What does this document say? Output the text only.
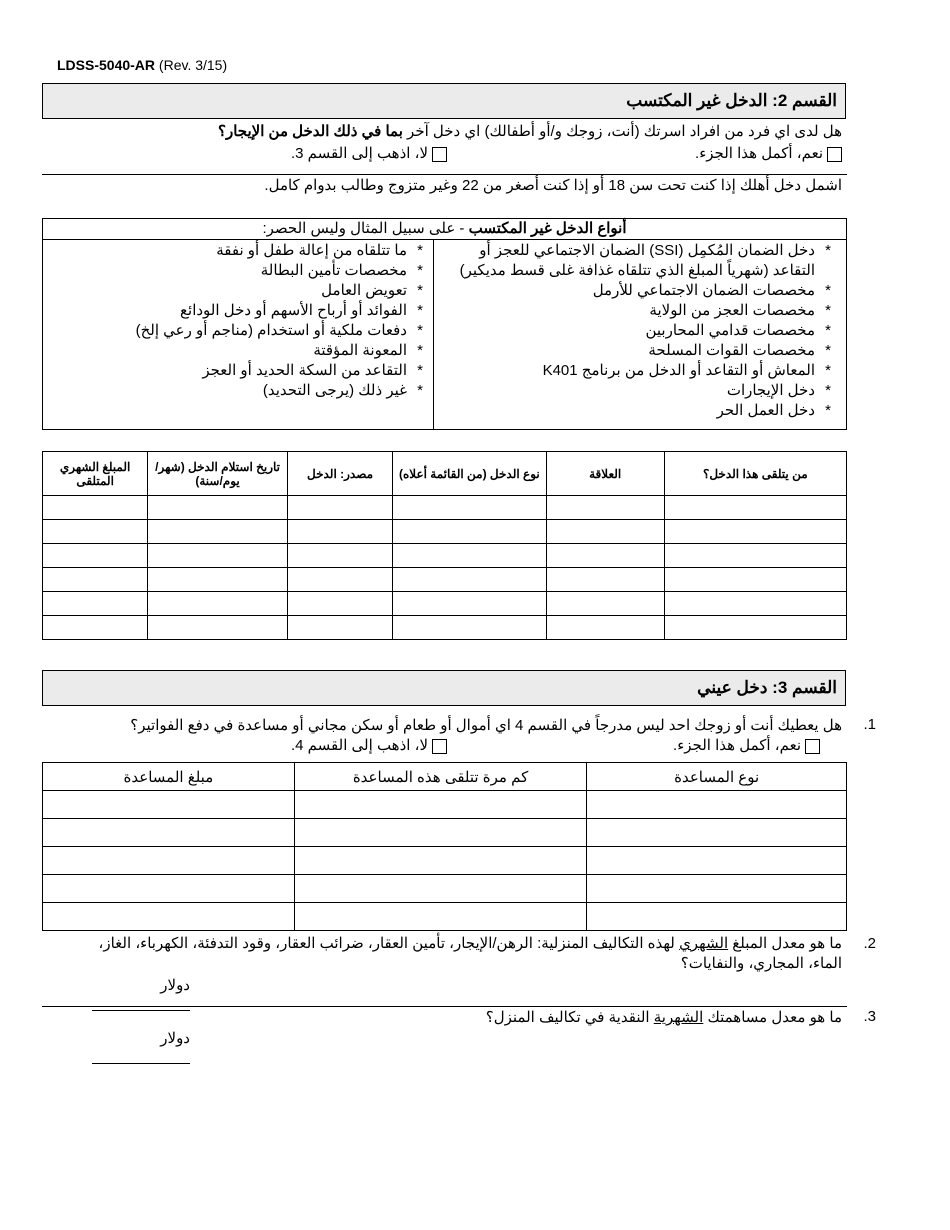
LDSS-5040-AR (Rev. 3/15)
القسم 2: الدخل غير المكتسب
هل لدى اي فرد من افراد اسرتك (أنت، زوجك و/أو أطفالك) اي دخل آخر بما في ذلك الدخل من الإيجار؟
نعم، أكمل هذا الجزء.
لا، اذهب إلى القسم 3.
اشمل دخل أهلك إذا كنت تحت سن 18 أو إذا كنت أصغر من 22 وغير متزوج وطالب بدوام كامل.
أنواع الدخل غير المكتسب - على سبيل المثال وليس الحصر:
*
دخل الضمان المُكمِل (SSI) الضمان الاجتماعي للعجز أو التقاعد (شهرياً المبلغ الذي تتلقاه غذافة غلى قسط مديكير)
*
مخصصات الضمان الاجتماعي للأرمل
*
مخصصات العجز من الولاية
*
مخصصات قدامي المحاربين
*
مخصصات القوات المسلحة
*
المعاش أو التقاعد أو الدخل من برنامج K401
*
دخل الإيجارات
*
دخل العمل الحر
*
ما تتلقاه من إعالة طفل أو نفقة
*
مخصصات تأمين البطالة
*
تعويض العامل
*
الفوائد أو أرباح الأسهم أو دخل الودائع
*
دفعات ملكية أو استخدام (مناجم أو رعي إلخ)
*
المعونة المؤقتة
*
التقاعد من السكة الحديد أو العجز
*
غير ذلك (يرجى التحديد)
المبلغ الشهري المتلقى	تاريخ استلام الدخل (شهر/يوم/سنة)	مصدر: الدخل	نوع الدخل (من القائمة أعلاه)	العلاقة	من يتلقى هذا الدخل؟

القسم 3: دخل عيني
1.
هل يعطيك أنت أو زوجك احد ليس مدرجاً في القسم 4 اي أموال أو طعام أو سكن مجاني أو مساعدة في دفع الفواتير؟
نعم، أكمل هذا الجزء.
لا، اذهب إلى القسم 4.
نوع المساعدة	كم مرة تتلقى هذه المساعدة	مبلغ المساعدة

2.
ما هو معدل المبلغ الشهري لهذه التكاليف المنزلية: الرهن/الإيجار، تأمين العقار، ضرائب العقار، وقود التدفئة، الكهرباء، الغاز، الماء، المجاري، والنفايات؟
دولار
3.
ما هو معدل مساهمتك الشهرية النقدية في تكاليف المنزل؟
دولار
